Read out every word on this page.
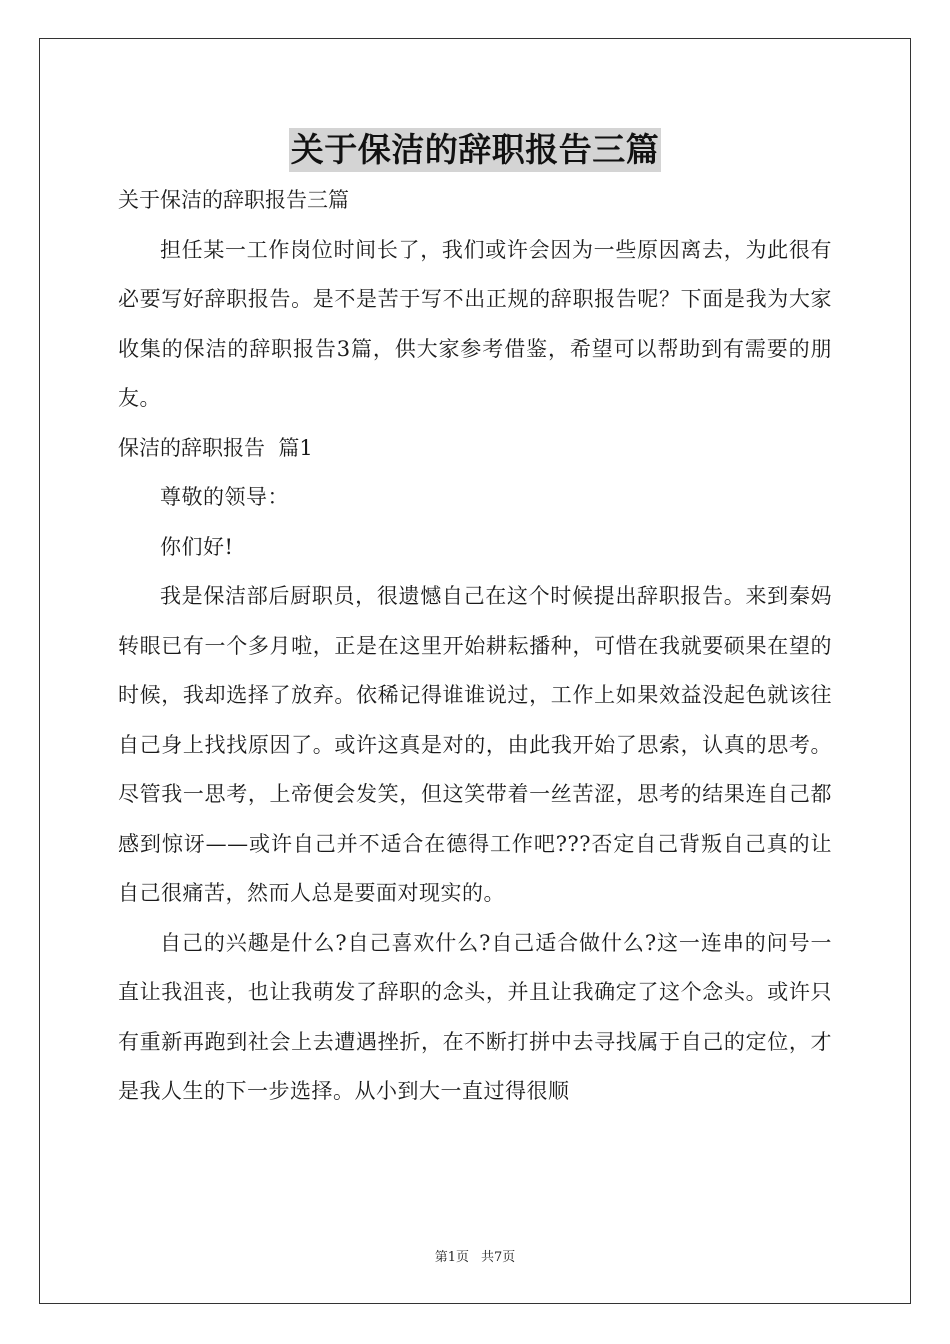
关于保洁的辞职报告三篇

关于保洁的辞职报告三篇

担任某一工作岗位时间长了，我们或许会因为一些原因离去，为此很有必要写好辞职报告。是不是苦于写不出正规的辞职报告呢？下面是我为大家收集的保洁的辞职报告3篇，供大家参考借鉴，希望可以帮助到有需要的朋友。

保洁的辞职报告  篇1

尊敬的领导：

你们好!

我是保洁部后厨职员，很遗憾自己在这个时候提出辞职报告。来到秦妈转眼已有一个多月啦，正是在这里开始耕耘播种，可惜在我就要硕果在望的时候，我却选择了放弃。依稀记得谁谁说过，工作上如果效益没起色就该往自己身上找找原因了。或许这真是对的，由此我开始了思索，认真的思考。尽管我一思考，上帝便会发笑，但这笑带着一丝苦涩，思考的结果连自己都感到惊讶——或许自己并不适合在德得工作吧???否定自己背叛自己真的让自己很痛苦，然而人总是要面对现实的。

自己的兴趣是什么?自己喜欢什么?自己适合做什么?这一连串的问号一直让我沮丧，也让我萌发了辞职的念头，并且让我确定了这个念头。或许只有重新再跑到社会上去遭遇挫折，在不断打拼中去寻找属于自己的定位，才是我人生的下一步选择。从小到大一直过得很顺

第1页 共7页
